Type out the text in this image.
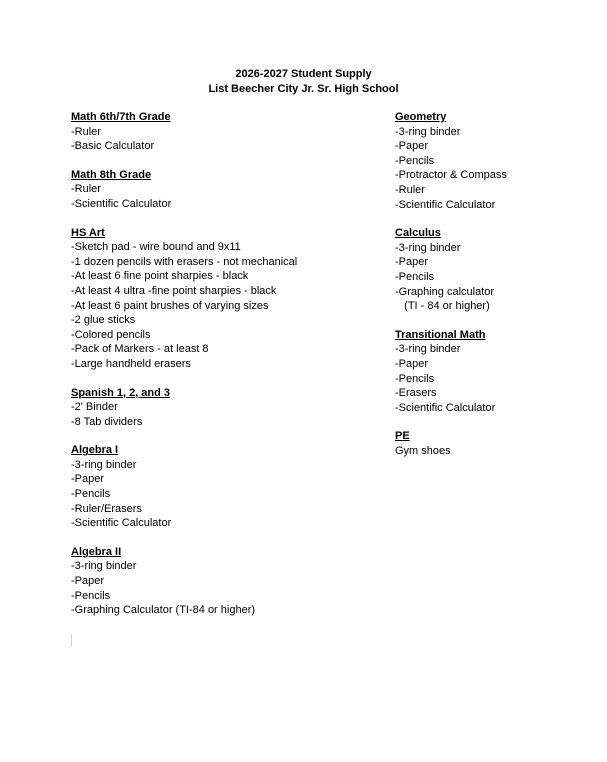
2026-2027 Student Supply
List Beecher City Jr. Sr. High School
Math 6th/7th Grade
-Ruler
-Basic Calculator
Math 8th Grade
-Ruler
-Scientific Calculator
HS Art
-Sketch pad - wire bound and 9x11
-1 dozen pencils with erasers - not mechanical
-At least 6 fine point sharpies - black
-At least 4 ultra -fine point sharpies - black
-At least 6 paint brushes of varying sizes
-2 glue sticks
-Colored pencils
-Pack of Markers - at least 8
-Large handheld erasers
Spanish 1, 2, and 3
-2' Binder
-8 Tab dividers
Algebra I
-3-ring binder
-Paper
-Pencils
-Ruler/Erasers
-Scientific Calculator
Algebra II
-3-ring binder
-Paper
-Pencils
-Graphing Calculator (TI-84 or higher)
Geometry
-3-ring binder
-Paper
-Pencils
-Protractor & Compass
-Ruler
-Scientific Calculator
Calculus
-3-ring binder
-Paper
-Pencils
-Graphing calculator
(TI - 84 or higher)
Transitional Math
-3-ring binder
-Paper
-Pencils
-Erasers
-Scientific Calculator
PE
Gym shoes
